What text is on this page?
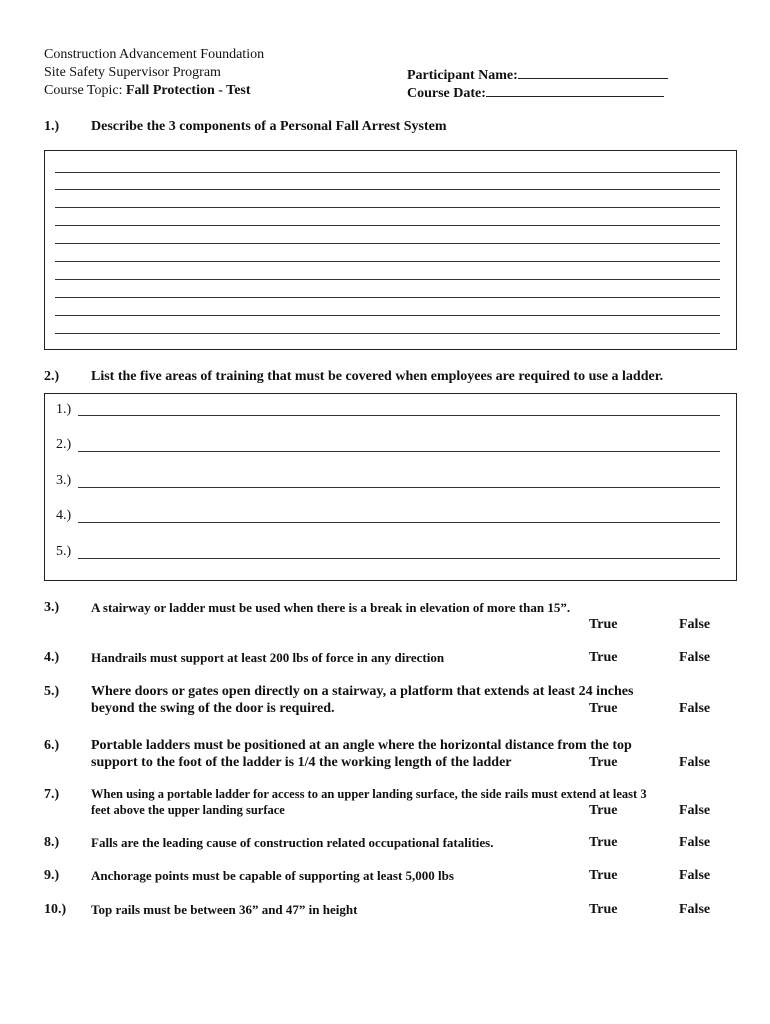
Construction Advancement Foundation
Site Safety Supervisor Program
Course Topic: Fall Protection - Test
Participant Name:
Course Date:
1.) Describe the 3 components of a Personal Fall Arrest System
2.) List the five areas of training that must be covered when employees are required to use a ladder.
1.)
2.)
3.)
4.)
5.)
3.) A stairway or ladder must be used when there is a break in elevation of more than 15”.
True	False
4.) Handrails must support at least 200 lbs of force in any direction	True	False
5.) Where doors or gates open directly on a stairway, a platform that extends at least 24 inches
beyond the swing of the door is required.	True	False
6.) Portable ladders must be positioned at an angle where the horizontal distance from the top
support to the foot of the ladder is 1/4 the working length of the ladder	True	False
7.)	When using a portable ladder for access to an upper landing surface, the side rails must extend at least 3
feet above the upper landing surface	True	False
8.) Falls are the leading cause of construction related occupational fatalities.	True	False
9.) Anchorage points must be capable of supporting at least 5,000 lbs	True	False
10.) Top rails must be between 36” and 47” in height	True	False
